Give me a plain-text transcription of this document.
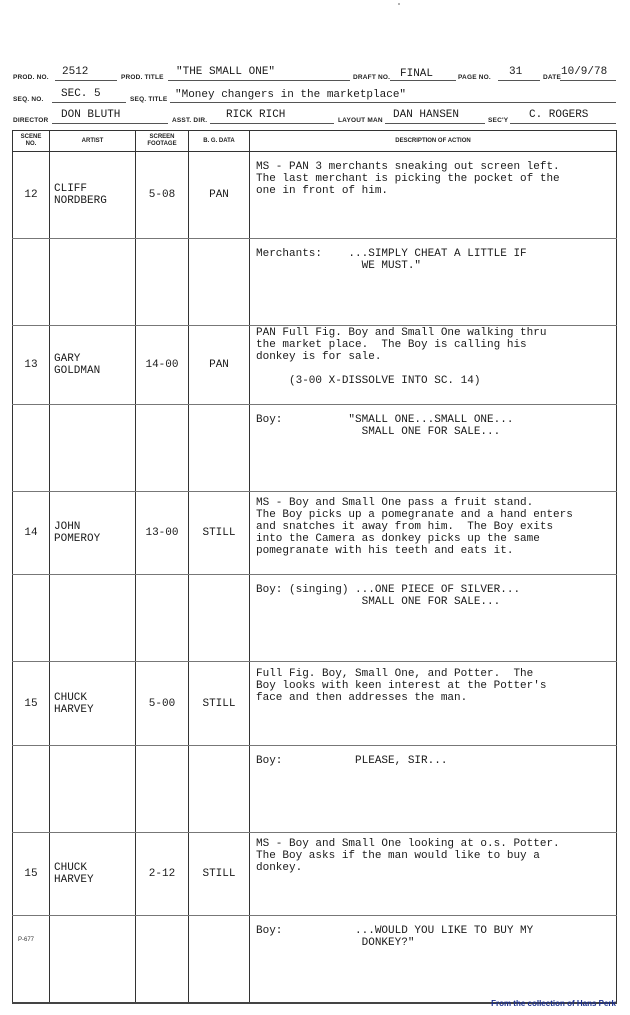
PROD. NO. 2512	PROD. TITLE "THE SMALL ONE"	DRAFT NO. FINAL	PAGE NO. 31	DATE 10/9/78
SEQ. NO. SEC. 5	SEQ. TITLE "Money changers in the marketplace"
DIRECTOR DON BLUTH	ASST. DIR. RICK RICH	LAYOUT MAN DAN HANSEN	SEC'Y C. ROGERS
SCENE NO.	ARTIST	SCREEN FOOTAGE	B. G. DATA	DESCRIPTION OF ACTION
12	CLIFF
NORDBERG	5-08	PAN	MS - PAN 3 merchants sneaking out screen left.
The last merchant is picking the pocket of the
one in front of him.

				Merchants:    ...SIMPLY CHEAT A LITTLE IF
WE MUST."

13	GARY
GOLDMAN	14-00	PAN	PAN Full Fig. Boy and Small One walking thru
the market place.  The Boy is calling his
donkey is for sale.

(3-00 X-DISSOLVE INTO SC. 14)

				Boy:          "SMALL ONE...SMALL ONE...
SMALL ONE FOR SALE...

14	JOHN
POMEROY	13-00	STILL	MS - Boy and Small One pass a fruit stand.
The Boy picks up a pomegranate and a hand enters
and snatches it away from him.  The Boy exits
into the Camera as donkey picks up the same
pomegranate with his teeth and eats it.

				Boy: (singing) ...ONE PIECE OF SILVER...
SMALL ONE FOR SALE...

15	CHUCK
HARVEY	5-00	STILL	Full Fig. Boy, Small One, and Potter.  The
Boy looks with keen interest at the Potter's
face and then addresses the man.

				Boy:           PLEASE, SIR...

15	CHUCK
HARVEY	2-12	STILL	MS - Boy and Small One looking at o.s. Potter.
The Boy asks if the man would like to buy a
donkey.

				Boy:           ...WOULD YOU LIKE TO BUY MY
DONKEY?"
P-677
From the collection of Hans Perk
